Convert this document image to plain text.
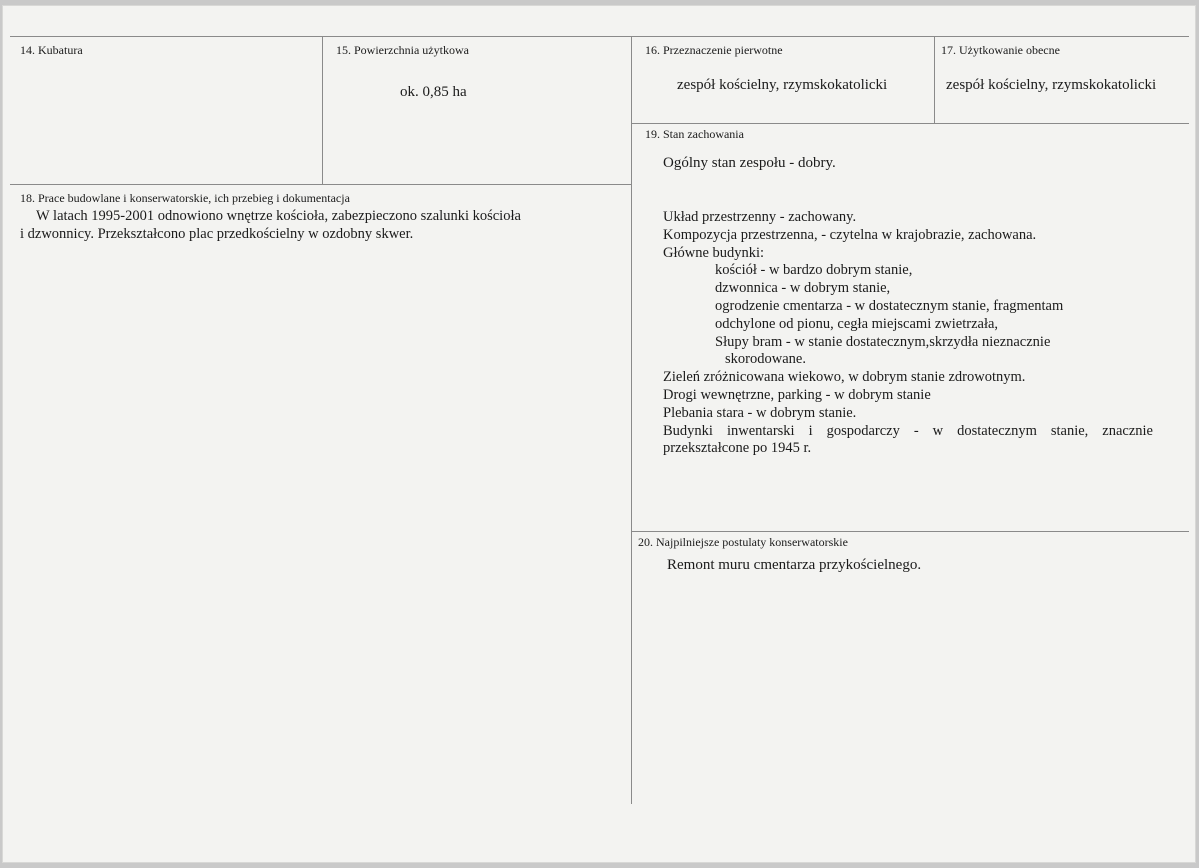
14. Kubatura	15. Powierzchnia użytkowa
ok. 0,85 ha
16. Przeznaczenie pierwotne
zespół kościelny, rzymskokatolicki
17. Użytkowanie obecne
zespół kościelny, rzymskokatolicki
18. Prace budowlane i konserwatorskie, ich przebieg i dokumentacja
W latach 1995-2001 odnowiono wnętrze kościoła, zabezpieczono szalunki kościoła
i dzwonnicy. Przekształcono plac przedkościelny w ozdobny skwer.
19. Stan zachowania
Ogólny stan zespołu - dobry.
Układ przestrzenny - zachowany.
Kompozycja przestrzenna, - czytelna w krajobrazie, zachowana.
Główne budynki:
kościół - w bardzo dobrym stanie,
dzwonnica - w dobrym stanie,
ogrodzenie cmentarza - w dostatecznym stanie, fragmentam
odchylone od pionu, cegła miejscami zwietrzała,
Słupy bram - w stanie dostatecznym,skrzydła nieznacznie
skorodowane.
Zieleń zróżnicowana wiekowo, w dobrym stanie zdrowotnym.
Drogi wewnętrzne, parking - w dobrym stanie
Plebania stara - w dobrym stanie.
Budynki inwentarski i gospodarczy - w dostatecznym stanie, znacznie przekształcone po 1945 r.
20. Najpilniejsze postulaty konserwatorskie
Remont muru cmentarza przykościelnego.
